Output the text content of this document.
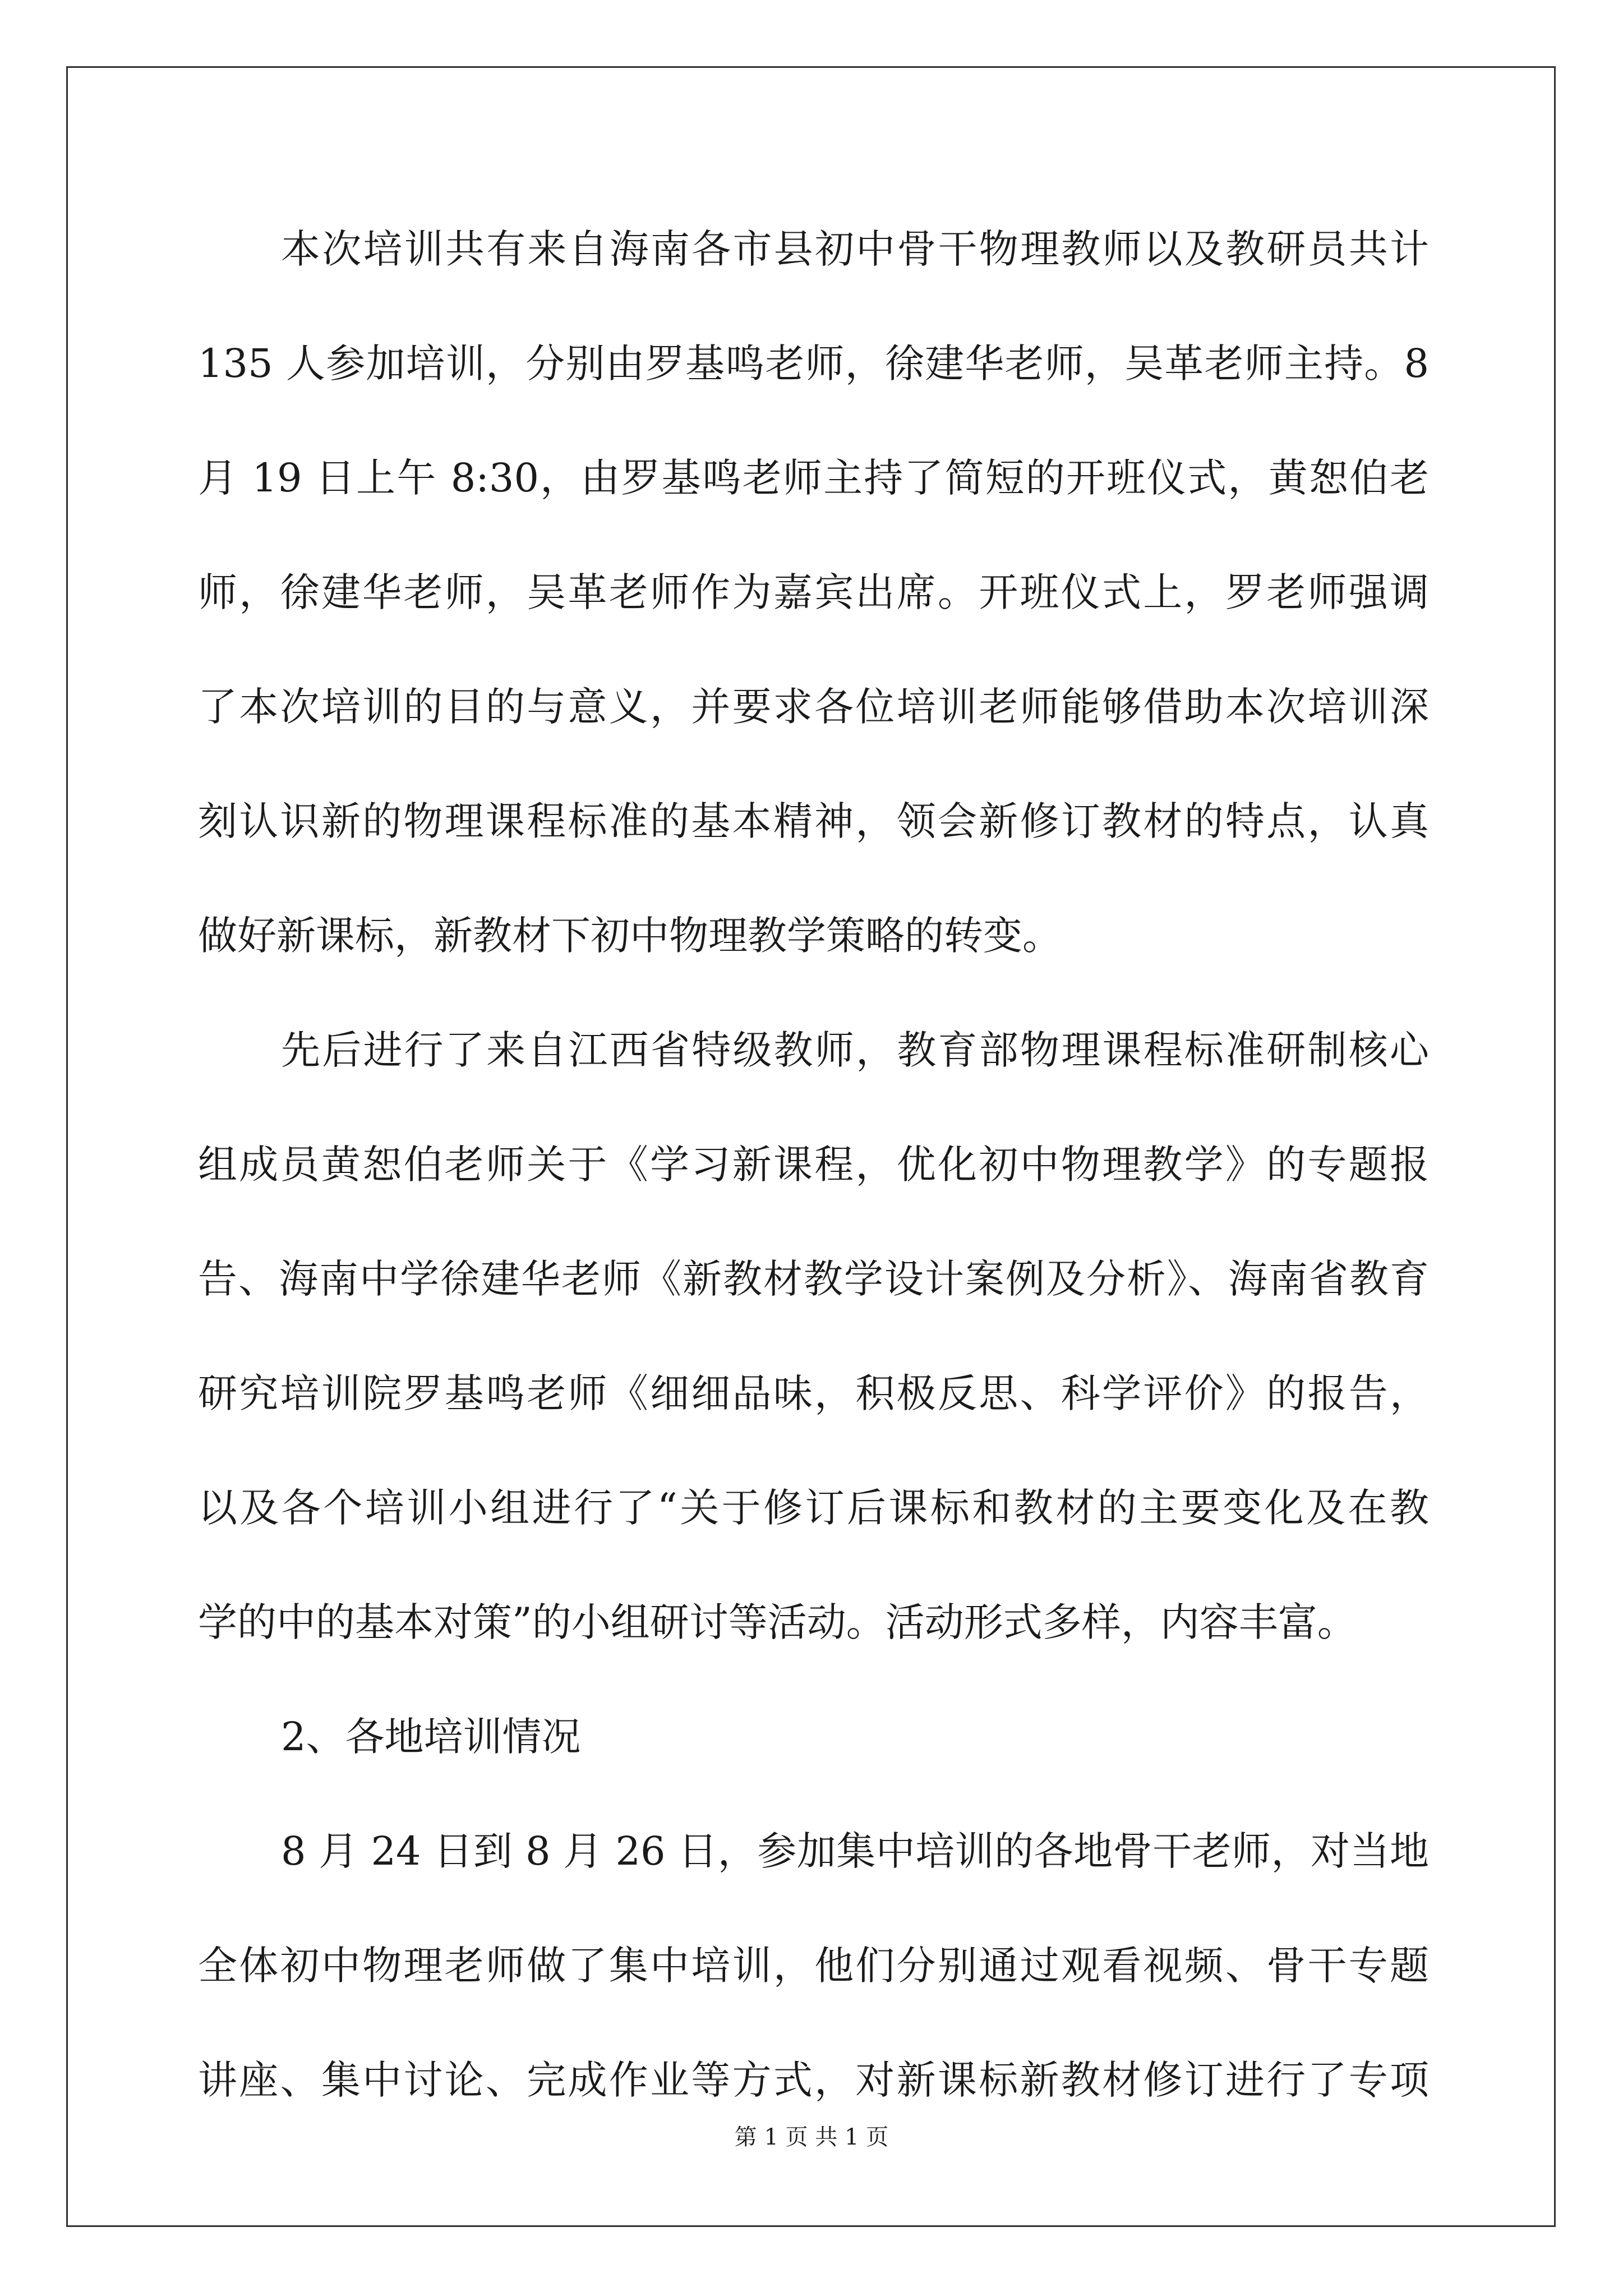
本次培训共有来自海南各市县初中骨干物理教师以及教研员共计
135 人参加培训，分别由罗基鸣老师，徐建华老师，吴革老师主持。8
月 19 日上午 8:30，由罗基鸣老师主持了简短的开班仪式，黄恕伯老
师，徐建华老师，吴革老师作为嘉宾出席。开班仪式上，罗老师强调
了本次培训的目的与意义，并要求各位培训老师能够借助本次培训深
刻认识新的物理课程标准的基本精神，领会新修订教材的特点，认真
做好新课标，新教材下初中物理教学策略的转变。
先后进行了来自江西省特级教师，教育部物理课程标准研制核心
组成员黄恕伯老师关于《学习新课程，优化初中物理教学》的专题报
告、海南中学徐建华老师《新教材教学设计案例及分析》、海南省教育
研究培训院罗基鸣老师《细细品味，积极反思、科学评价》的报告，
以及各个培训小组进行了“关于修订后课标和教材的主要变化及在教
学的中的基本对策”的小组研讨等活动。活动形式多样，内容丰富。
2、各地培训情况
8 月 24 日到 8 月 26 日，参加集中培训的各地骨干老师，对当地
全体初中物理老师做了集中培训，他们分别通过观看视频、骨干专题
讲座、集中讨论、完成作业等方式，对新课标新教材修订进行了专项
第 1 页 共 1 页
